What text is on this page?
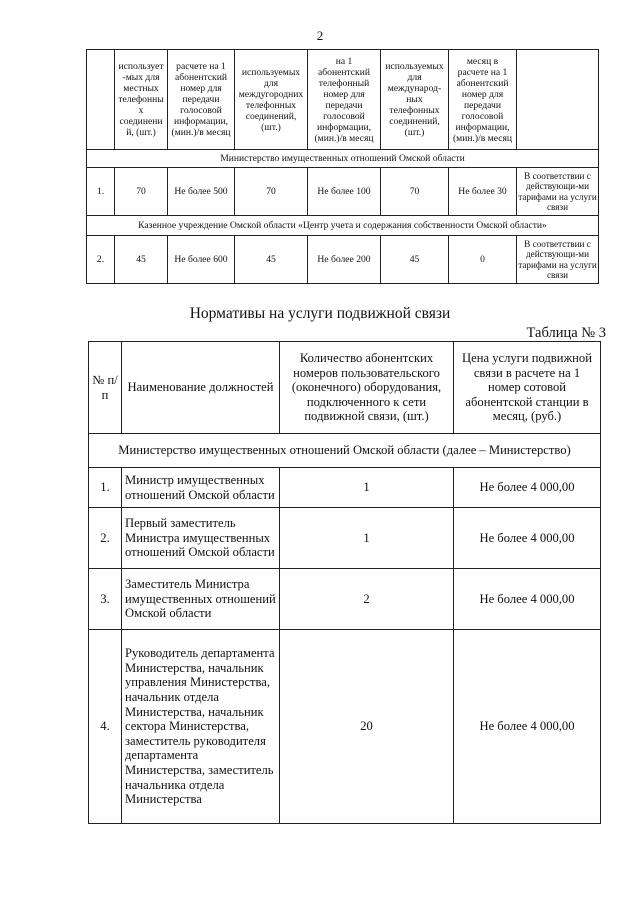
2
	использует-мых для местных телефонных соединений, (шт.)	расчете на 1 абонентский номер для передачи голосовой информации, (мин.)/в месяц	используемых для междугородних телефонных соединений, (шт.)	на 1 абонентский телефонный номер для передачи голосовой информации, (мин.)/в месяц	используемых для международ-ных телефонных соединений, (шт.)	месяц в расчете на 1 абонентский номер для передачи голосовой информации, (мин.)/в месяц	
Министерство имущественных отношений Омской области							
1.	70	Не более 500	70	Не более 100	70	Не более 30	В соответствии с действующи-ми тарифами на услуги связи
Казенное учреждение Омской области «Центр учета и содержания собственности Омской области»							
2.	45	Не более 600	45	Не более 200	45	0	В соответствии с действующи-ми тарифами на услуги связи
Нормативы на услуги подвижной связи
Таблица № 3
№ п/п	Наименование должностей	Количество абонентских номеров пользовательского (оконечного) оборудования, подключенного к сети подвижной связи, (шт.)	Цена услуги подвижной связи в расчете на 1 номер сотовой абонентской станции в месяц, (руб.)
Министерство имущественных отношений Омской области (далее – Министерство)			
1.	Министр имущественных отношений Омской области	1	Не более 4 000,00
2.	Первый заместитель Министра имущественных отношений Омской области	1	Не более 4 000,00
3.	Заместитель Министра имущественных отношений Омской области	2	Не более 4 000,00
4.	Руководитель департамента Министерства, начальник управления Министерства, начальник отдела Министерства, начальник сектора Министерства, заместитель руководителя департамента Министерства, заместитель начальника отдела Министерства	20	Не более 4 000,00
